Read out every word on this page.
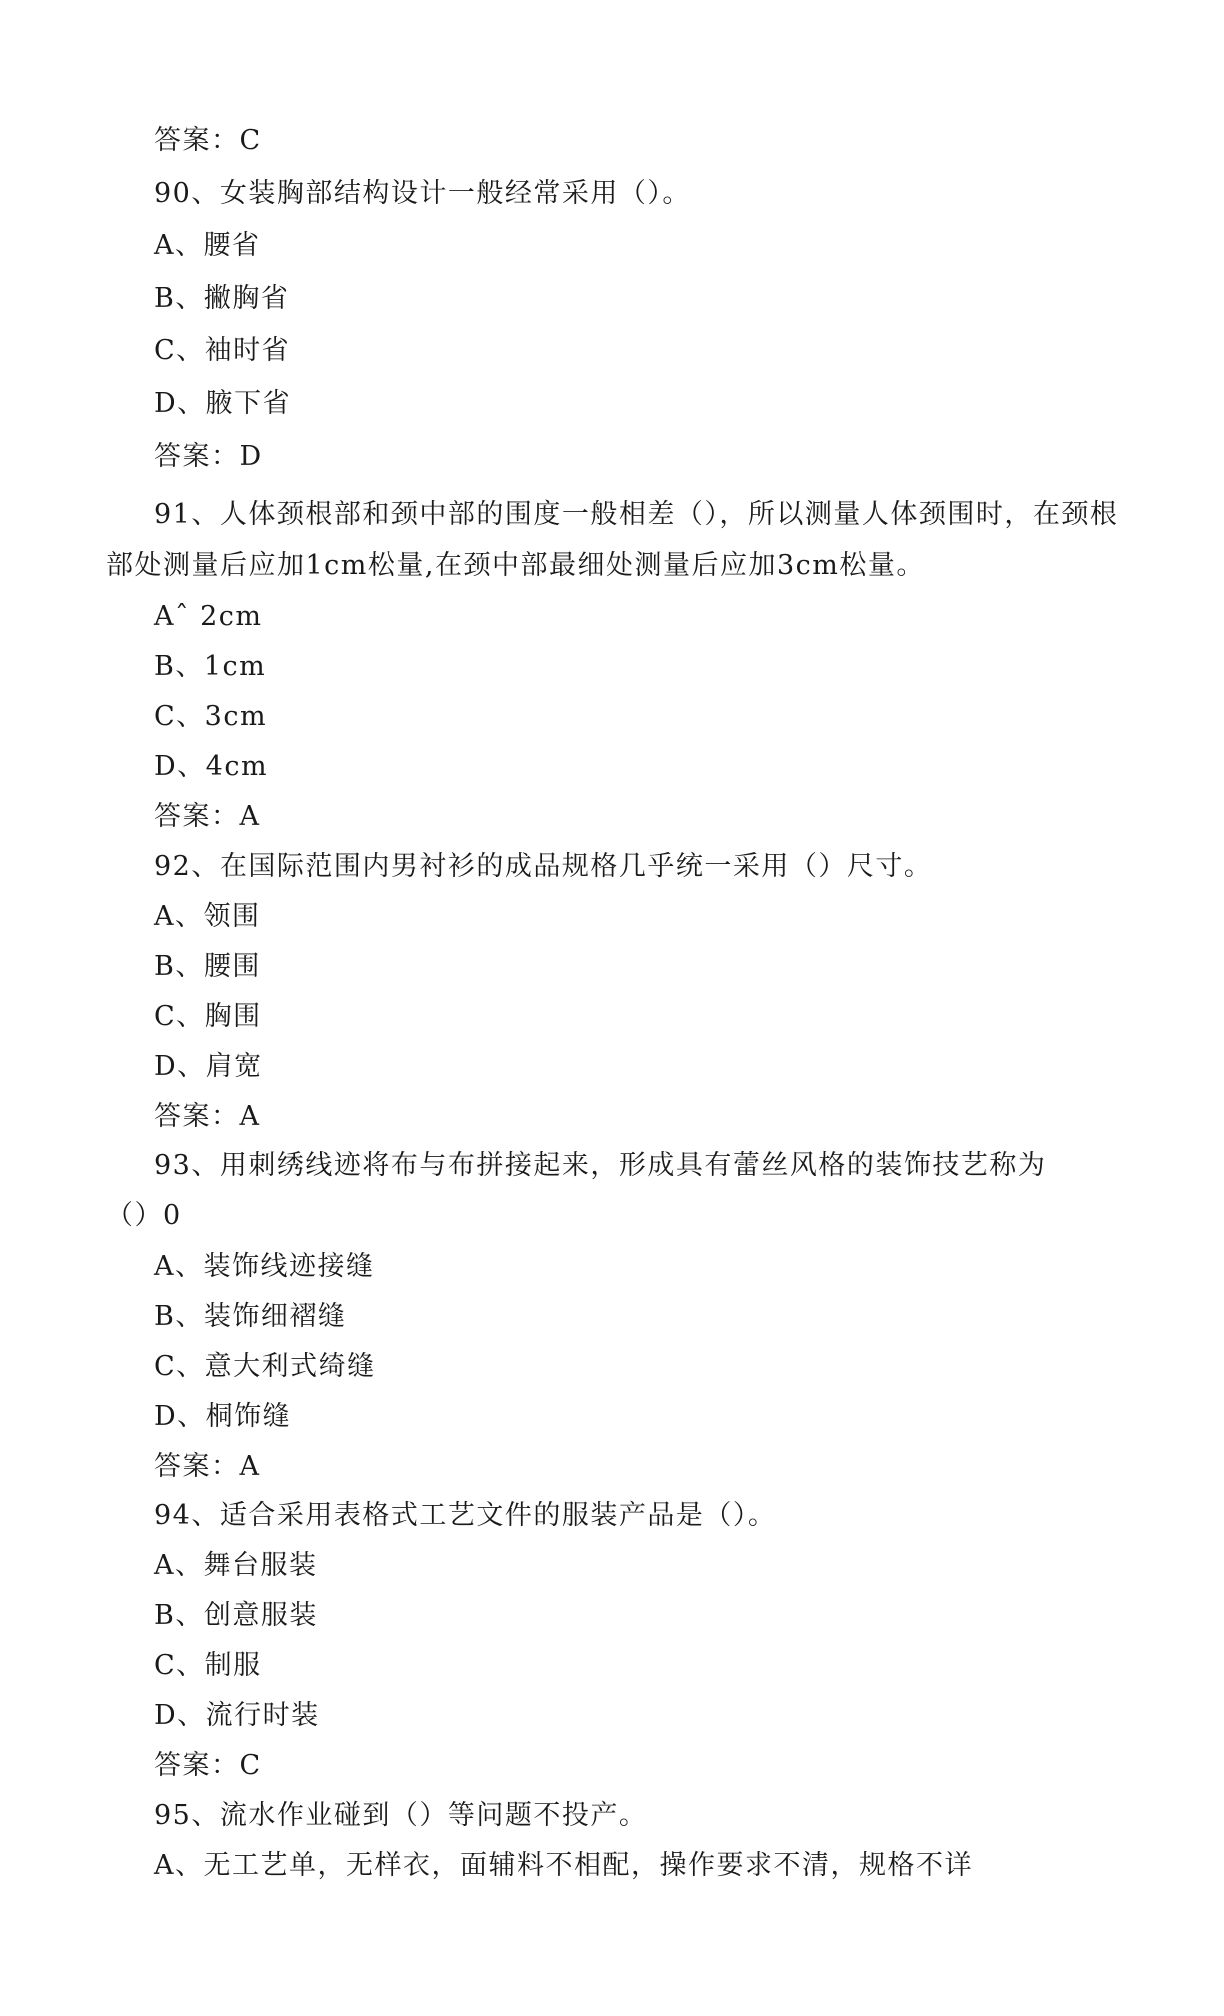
答案：C
90、女装胸部结构设计一般经常采用（）。
A、腰省
B、撇胸省
C、袖时省
D、腋下省
答案：D
91、人体颈根部和颈中部的围度一般相差（），所以测量人体颈围时，在颈根
部处测量后应加1cm松量,在颈中部最细处测量后应加3cm松量。
Aˆ 2cm
B、1cm
C、3cm
D、4cm
答案：A
92、在国际范围内男衬衫的成品规格几乎统一采用（）尺寸。
A、领围
B、腰围
C、胸围
D、肩宽
答案：A
93、用刺绣线迹将布与布拼接起来，形成具有蕾丝风格的装饰技艺称为
（）0
A、装饰线迹接缝
B、装饰细褶缝
C、意大利式绮缝
D、桐饰缝
答案：A
94、适合采用表格式工艺文件的服装产品是（）。
A、舞台服装
B、创意服装
C、制服
D、流行时装
答案：C
95、流水作业碰到（）等问题不投产。
A、无工艺单，无样衣，面辅料不相配，操作要求不清，规格不详
